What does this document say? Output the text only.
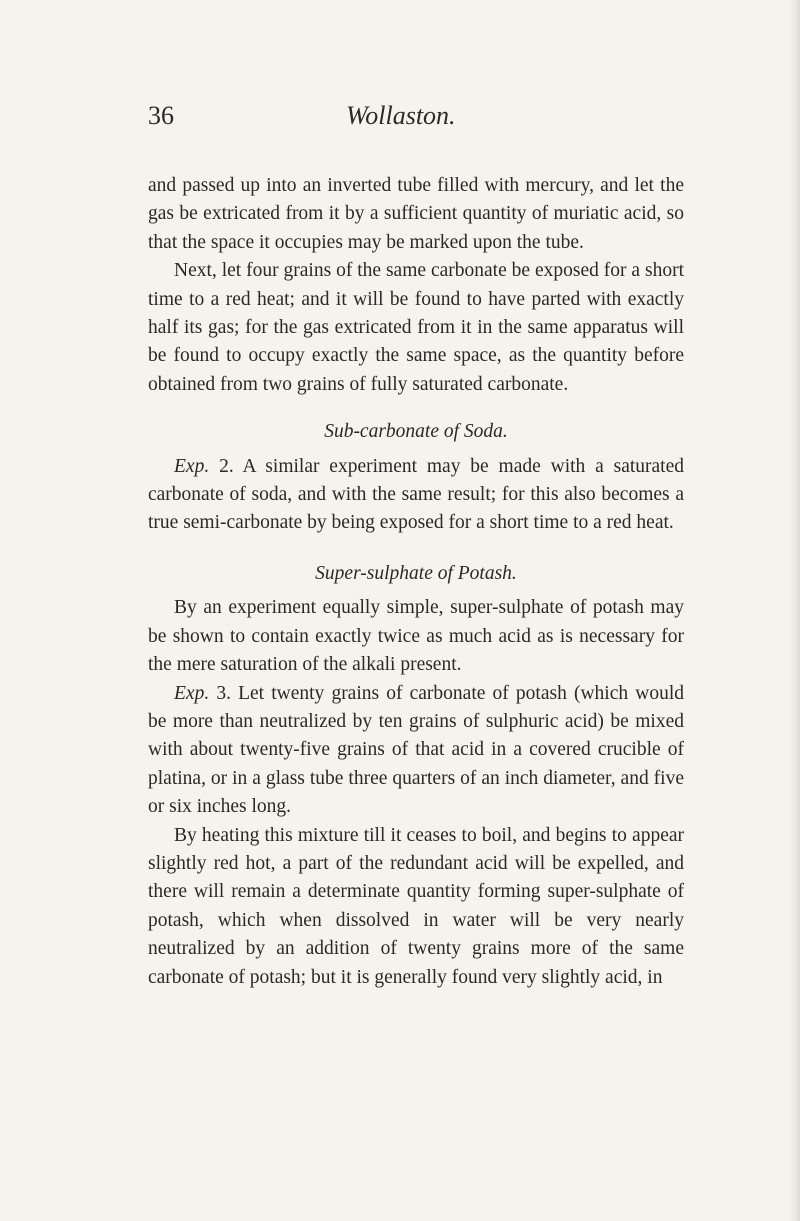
36	Wollaston.

and passed up into an inverted tube filled with mercury, and let the gas be extricated from it by a sufficient quantity of muriatic acid, so that the space it occupies may be marked upon the tube.

Next, let four grains of the same carbonate be exposed for a short time to a red heat; and it will be found to have parted with exactly half its gas; for the gas extricated from it in the same apparatus will be found to occupy exactly the same space, as the quantity before obtained from two grains of fully saturated carbonate.

Sub-carbonate of Soda.

Exp. 2. A similar experiment may be made with a saturated carbonate of soda, and with the same result; for this also becomes a true semi-carbonate by being exposed for a short time to a red heat.

Super-sulphate of Potash.

By an experiment equally simple, super-sulphate of potash may be shown to contain exactly twice as much acid as is necessary for the mere saturation of the alkali present.

Exp. 3. Let twenty grains of carbonate of potash (which would be more than neutralized by ten grains of sulphuric acid) be mixed with about twenty-five grains of that acid in a covered crucible of platina, or in a glass tube three quarters of an inch diameter, and five or six inches long.

By heating this mixture till it ceases to boil, and begins to appear slightly red hot, a part of the redundant acid will be expelled, and there will remain a determinate quantity forming super-sulphate of potash, which when dissolved in water will be very nearly neutralized by an addition of twenty grains more of the same carbonate of potash; but it is generally found very slightly acid, in
